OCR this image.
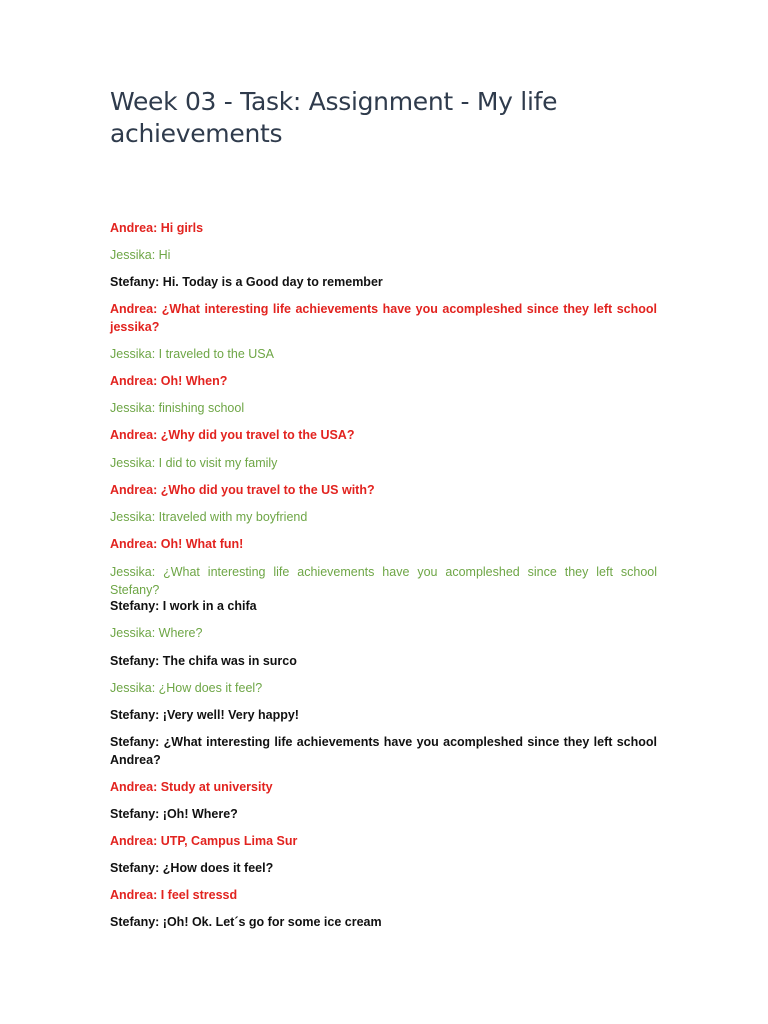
Week 03 - Task: Assignment - My life achievements

Andrea: Hi girls

Jessika: Hi

Stefany: Hi. Today is a Good day to remember

Andrea: ¿What interesting life achievements have you acompleshed since they left school jessika?

Jessika: I traveled to the USA

Andrea: Oh! When?

Jessika: finishing school

Andrea: ¿Why did you travel to the USA?

Jessika: I did to visit my family

Andrea: ¿Who did you travel to the US with?

Jessika: Itraveled with my boyfriend

Andrea: Oh! What fun!

Jessika: ¿What interesting life achievements have you acompleshed since they left school Stefany?

Stefany: I work in a chifa

Jessika: Where?

Stefany: The chifa was in surco

Jessika: ¿How does it feel?

Stefany: ¡Very well! Very happy!

Stefany: ¿What interesting life achievements have you acompleshed since they left school Andrea?

Andrea: Study at university

Stefany: ¡Oh! Where?

Andrea: UTP, Campus Lima Sur

Stefany: ¿How does it feel?

Andrea: I feel stressd

Stefany: ¡Oh! Ok. Let´s go for some ice cream
